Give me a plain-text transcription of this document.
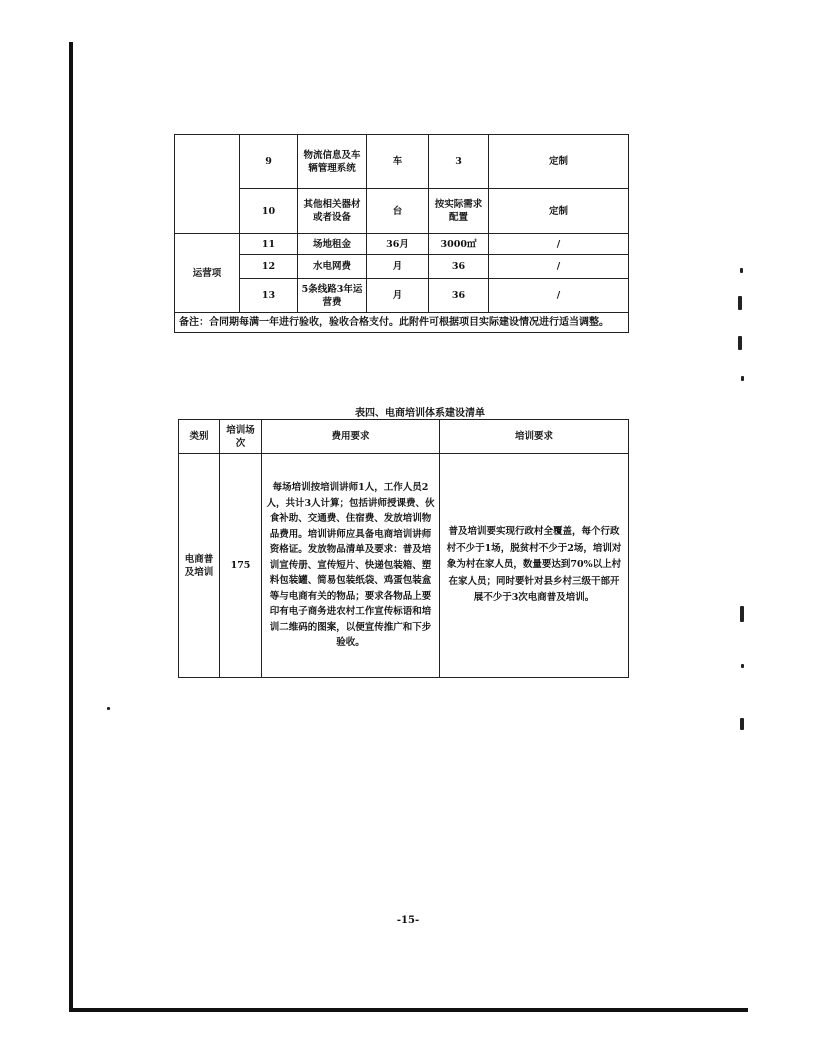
	9	物流信息及车辆管理系统	车	3	定制
	10	其他相关器材或者设备	台	按实际需求配置	定制
运营项	11	场地租金	36月	3000㎡	/
	12	水电网费	月	36	/
	13	5条线路3年运营费	月	36	/
备注：合同期每满一年进行验收，验收合格支付。此附件可根据项目实际建设情况进行适当调整。					
表四、电商培训体系建设清单
类别	培训场次	费用要求	培训要求
电商普及培训	175	每场培训按培训讲师1人，工作人员2人，共计3人计算；包括讲师授课费、伙食补助、交通费、住宿费、发放培训物品费用。培训讲师应具备电商培训讲师资格证。发放物品清单及要求：普及培训宣传册、宣传短片、快递包装箱、塑料包装罐、简易包装纸袋、鸡蛋包装盒等与电商有关的物品；要求各物品上要印有电子商务进农村工作宣传标语和培训二维码的图案，以便宣传推广和下步验收。	普及培训要实现行政村全覆盖，每个行政村不少于1场，脱贫村不少于2场，培训对象为村在家人员，数量要达到70%以上村在家人员；同时要针对县乡村三级干部开展不少于3次电商普及培训。
-15-
